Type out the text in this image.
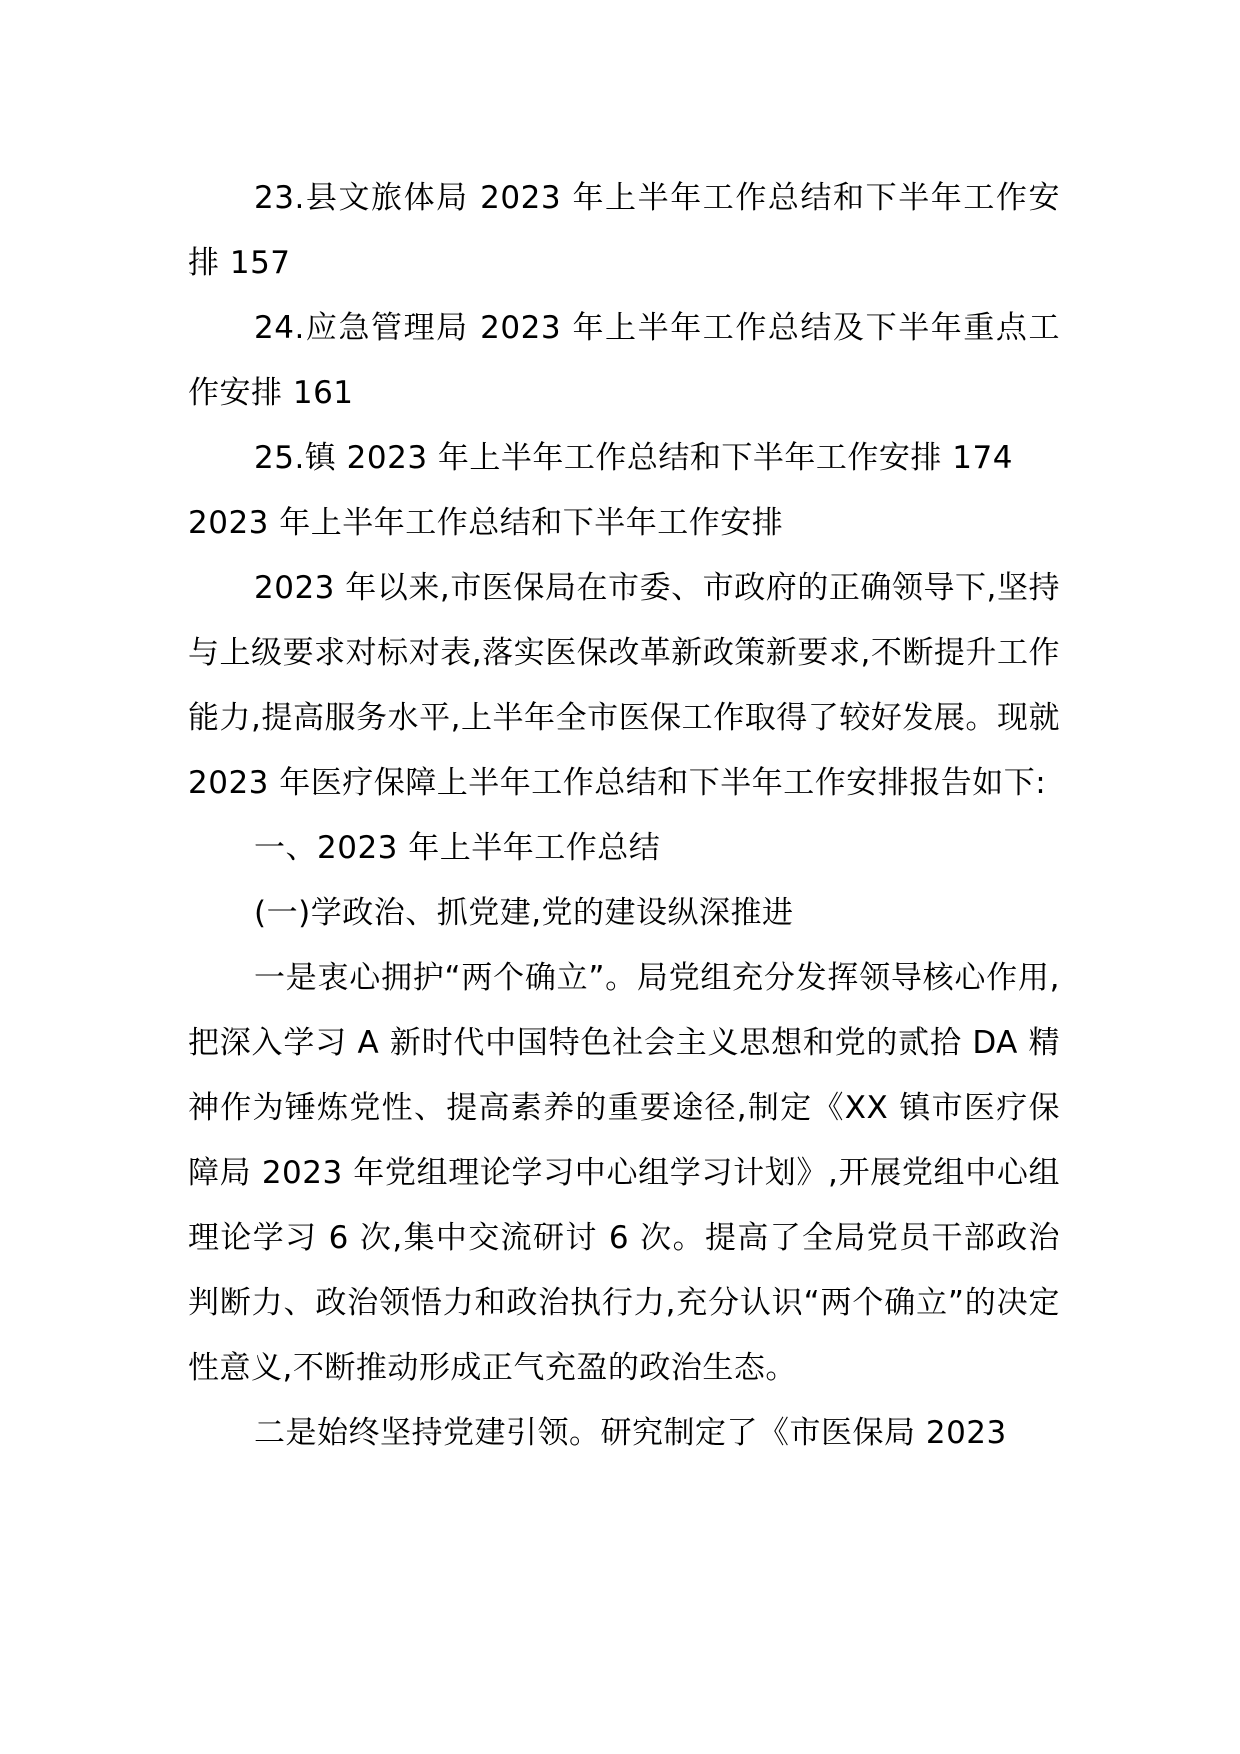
23.县文旅体局 2023 年上半年工作总结和下半年工作安排 157

24.应急管理局 2023 年上半年工作总结及下半年重点工作安排 161

25.镇 2023 年上半年工作总结和下半年工作安排 174

2023 年上半年工作总结和下半年工作安排

2023 年以来,市医保局在市委、市政府的正确领导下,坚持与上级要求对标对表,落实医保改革新政策新要求,不断提升工作能力,提高服务水平,上半年全市医保工作取得了较好发展。现就 2023 年医疗保障上半年工作总结和下半年工作安排报告如下:

一、2023 年上半年工作总结

(一)学政治、抓党建,党的建设纵深推进

一是衷心拥护“两个确立”。局党组充分发挥领导核心作用,把深入学习 A 新时代中国特色社会主义思想和党的贰拾 DA 精神作为锤炼党性、提高素养的重要途径,制定《XX 镇市医疗保障局 2023 年党组理论学习中心组学习计划》,开展党组中心组理论学习 6 次,集中交流研讨 6 次。提高了全局党员干部政治判断力、政治领悟力和政治执行力,充分认识“两个确立”的决定性意义,不断推动形成正气充盈的政治生态。

二是始终坚持党建引领。研究制定了《市医保局 2023
